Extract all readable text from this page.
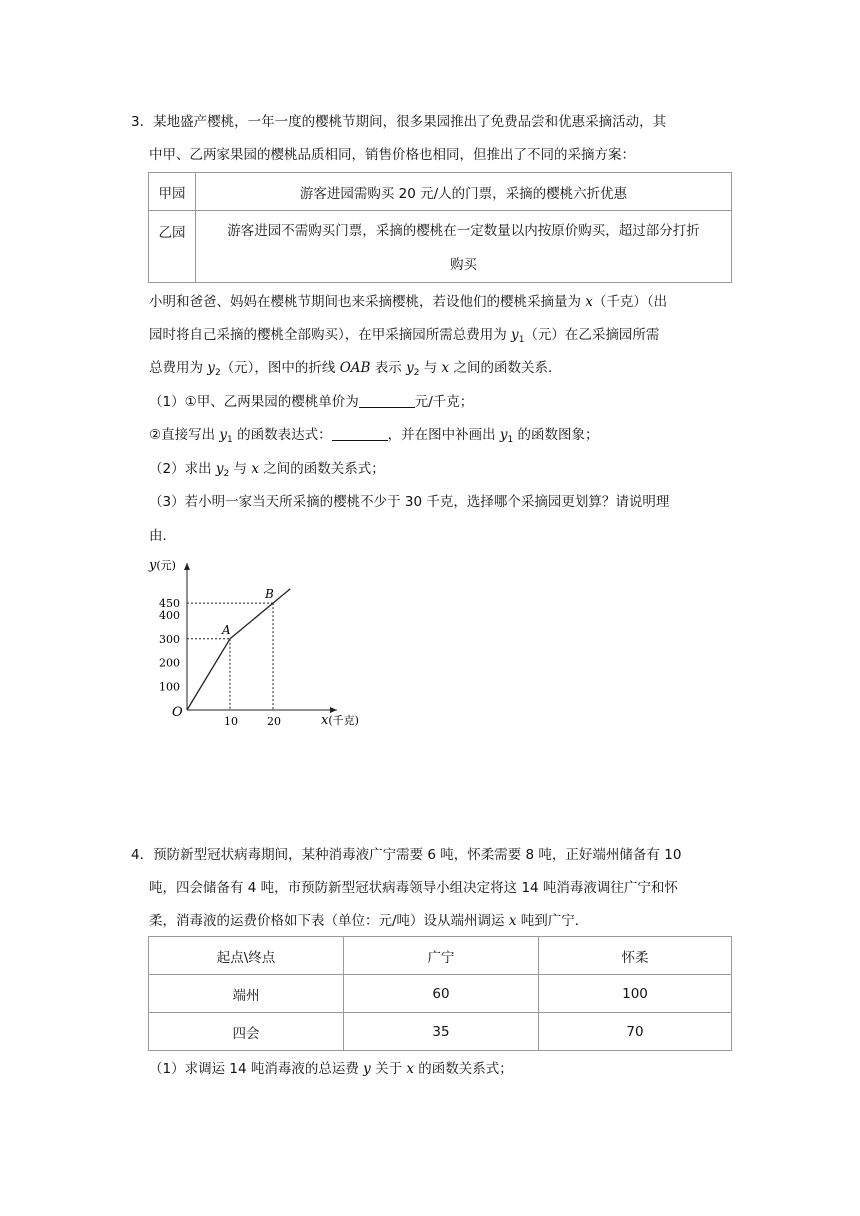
3．某地盛产樱桃，一年一度的樱桃节期间，很多果园推出了免费品尝和优惠采摘活动，其
中甲、乙两家果园的樱桃品质相同，销售价格也相同，但推出了不同的采摘方案：
甲园	游客进园需购买 20 元/人的门票，采摘的樱桃六折优惠
乙园	游客进园不需购买门票，采摘的樱桃在一定数量以内按原价购买，超过部分打折
购买
小明和爸爸、妈妈在樱桃节期间也来采摘樱桃，若设他们的樱桃采摘量为 x（千克）（出
园时将自己采摘的樱桃全部购买），在甲采摘园所需总费用为 $y_1$（元）在乙采摘园所需
总费用为 $y_2$（元），图中的折线 OAB 表示 $y_2$ 与 x 之间的函数关系．
（1）①甲、乙两果园的樱桃单价为	元/千克；
②直接写出 $y_1$ 的函数表达式：	，并在图中补画出 $y_1$ 的函数图象；
（2）求出 $y_2$ 与 x 之间的函数关系式；
（3）若小明一家当天所采摘的樱桃不少于 30 千克，选择哪个采摘园更划算？请说明理
由．
y(元)
x(千克)
O
100
200
300
400
450
10	20
A
B
4．预防新型冠状病毒期间，某种消毒液广宁需要 6 吨，怀柔需要 8 吨，正好端州储备有 10
吨，四会储备有 4 吨，市预防新型冠状病毒领导小组决定将这 14 吨消毒液调往广宁和怀
柔，消毒液的运费价格如下表（单位：元/吨）设从端州调运 x 吨到广宁．
起点\终点	广宁	怀柔
端州	60	100
四会	35	70
（1）求调运 14 吨消毒液的总运费 y 关于 x 的函数关系式；
